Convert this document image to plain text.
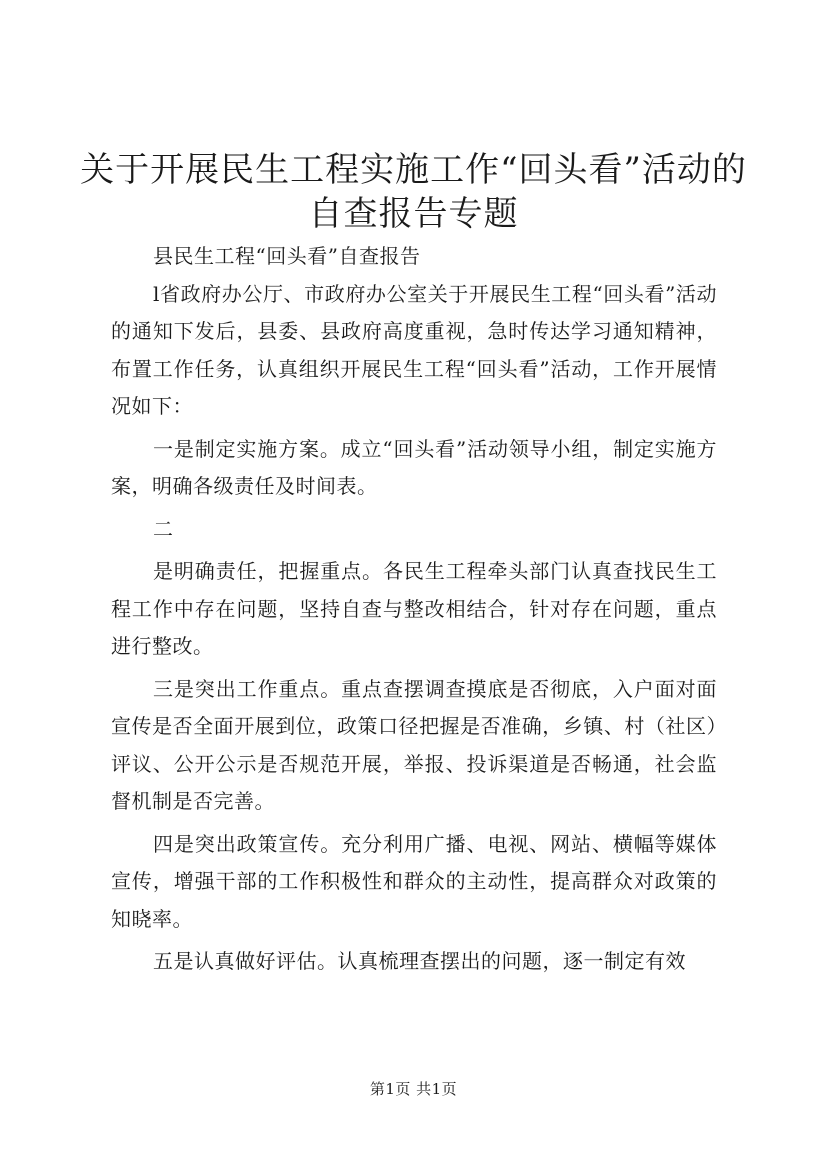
关于开展民生工程实施工作“回头看”活动的
自查报告专题

县民生工程“回头看”自查报告

l省政府办公厅、市政府办公室关于开展民生工程“回头看”活动的通知下发后，县委、县政府高度重视，急时传达学习通知精神，布置工作任务，认真组织开展民生工程“回头看”活动，工作开展情况如下：

一是制定实施方案。成立“回头看”活动领导小组，制定实施方案，明确各级责任及时间表。

二

是明确责任，把握重点。各民生工程牵头部门认真查找民生工程工作中存在问题，坚持自查与整改相结合，针对存在问题，重点进行整改。

三是突出工作重点。重点查摆调查摸底是否彻底，入户面对面宣传是否全面开展到位，政策口径把握是否准确，乡镇、村（社区）评议、公开公示是否规范开展，举报、投诉渠道是否畅通，社会监督机制是否完善。

四是突出政策宣传。充分利用广播、电视、网站、横幅等媒体宣传，增强干部的工作积极性和群众的主动性，提高群众对政策的知晓率。

五是认真做好评估。认真梳理查摆出的问题，逐一制定有效

第1页 共1页
